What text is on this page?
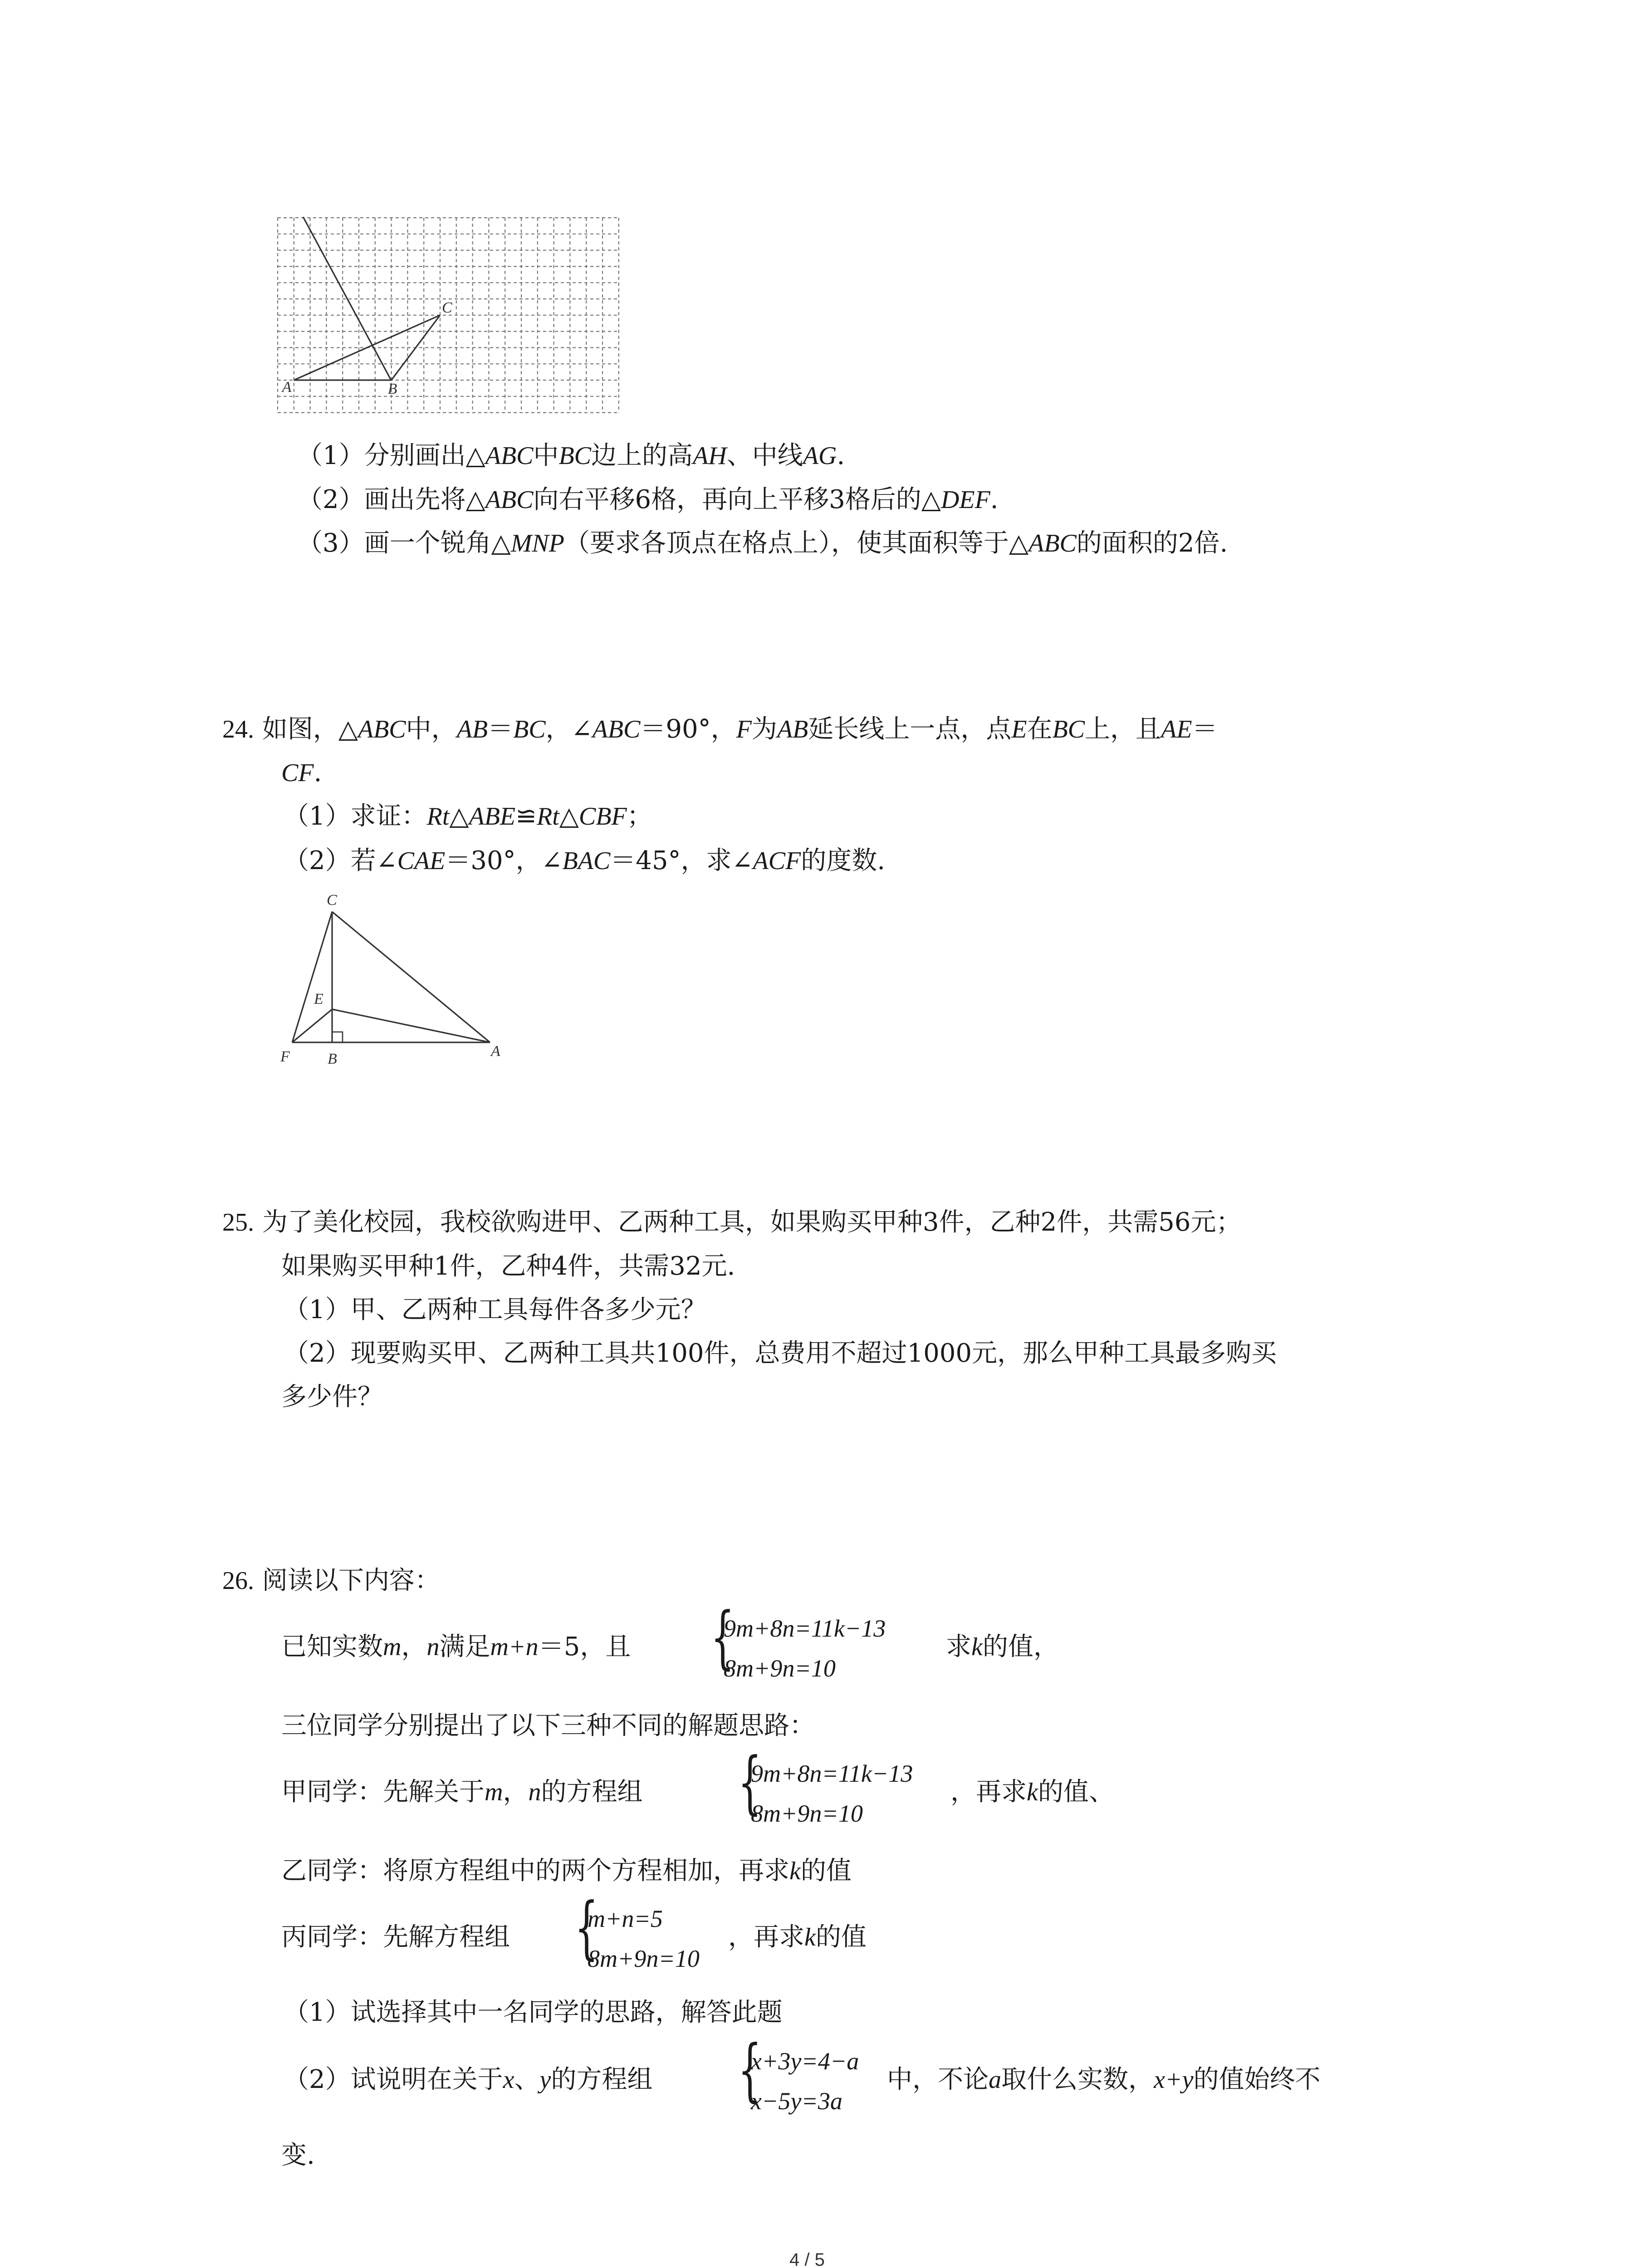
A	B
C
（1）分别画出△ABC中BC边上的高AH、中线AG.
（2）画出先将△ABC向右平移6格，再向上平移3格后的△DEF.
（3）画一个锐角△MNP（要求各顶点在格点上），使其面积等于△ABC的面积的2倍.
24. 如图，△ABC中，AB＝BC，∠ABC＝90°，F为AB延长线上一点，点E在BC上，且AE＝
CF.
（1）求证：Rt△ABE≌Rt△CBF；
（2）若∠CAE＝30°，∠BAC＝45°，求∠ACF的度数.
C
E
F B	A
25. 为了美化校园，我校欲购进甲、乙两种工具，如果购买甲种3件，乙种2件，共需56元；
如果购买甲种1件，乙种4件，共需32元.
（1）甲、乙两种工具每件各多少元？
（2）现要购买甲、乙两种工具共100件，总费用不超过1000元，那么甲种工具最多购买
多少件？
26. 阅读以下内容：
已知实数m，n满足m+n＝5，且 {
9m+8n=11k−13
8m+9n=10
求k的值，
三位同学分别提出了以下三种不同的解题思路：
甲同学：先解关于m，n的方程组 {
9m+8n=11k−13
8m+9n=10
，再求k的值、
乙同学：将原方程组中的两个方程相加，再求k的值
丙同学：先解方程组 {
m+n=5
8m+9n=10
，再求k的值
（1）试选择其中一名同学的思路，解答此题
（2）试说明在关于x、y的方程组 {
x+3y=4−a
x−5y=3a
中，不论a取什么实数，x+y的值始终不
变.
4 / 5
